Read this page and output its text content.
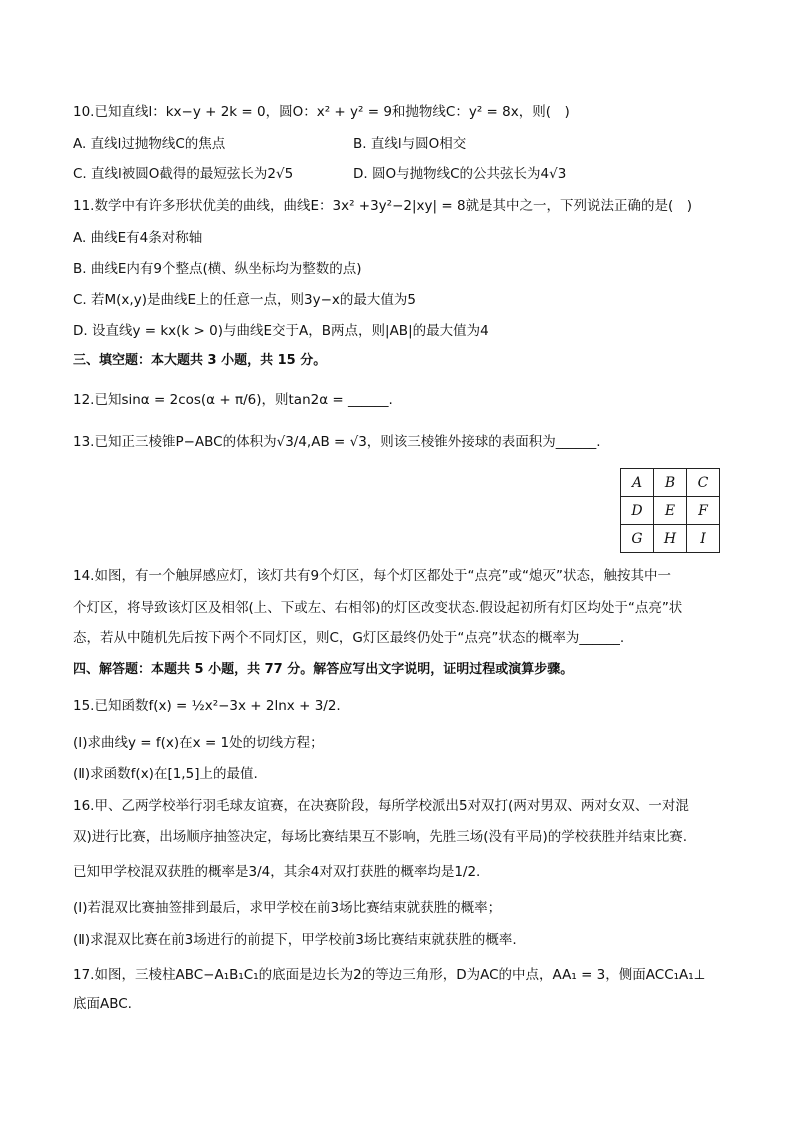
10.已知直线l：kx−y + 2k = 0，圆O：x² + y² = 9和抛物线C：y² = 8x，则(　)
A. 直线l过抛物线C的焦点	B. 直线l与圆O相交
C. 直线l被圆O截得的最短弦长为2√5	D. 圆O与抛物线C的公共弦长为4√3
11.数学中有许多形状优美的曲线，曲线E：3x² +3y²−2|xy| = 8就是其中之一，下列说法正确的是(　)
A. 曲线E有4条对称轴
B. 曲线E内有9个整点(横、纵坐标均为整数的点)
C. 若M(x,y)是曲线E上的任意一点，则3y−x的最大值为5
D. 设直线y = kx(k > 0)与曲线E交于A，B两点，则|AB|的最大值为4
三、填空题：本大题共 3 小题，共 15 分。
12.已知sinα = 2cos(α + π/6)，则tan2α = ______.
13.已知正三棱锥P−ABC的体积为√3/4,AB = √3，则该三棱锥外接球的表面积为______.
A	B	C
D	E	F
G	H	I
14.如图，有一个触屏感应灯，该灯共有9个灯区，每个灯区都处于“点亮”或“熄灭”状态，触按其中一
个灯区，将导致该灯区及相邻(上、下或左、右相邻)的灯区改变状态.假设起初所有灯区均处于“点亮”状
态，若从中随机先后按下两个不同灯区，则C，G灯区最终仍处于“点亮”状态的概率为______.
四、解答题：本题共 5 小题，共 77 分。解答应写出文字说明，证明过程或演算步骤。
15.已知函数f(x) = ½x²−3x + 2lnx + 3/2.
(Ⅰ)求曲线y = f(x)在x = 1处的切线方程；
(Ⅱ)求函数f(x)在[1,5]上的最值.
16.甲、乙两学校举行羽毛球友谊赛，在决赛阶段，每所学校派出5对双打(两对男双、两对女双、一对混
双)进行比赛，出场顺序抽签决定，每场比赛结果互不影响，先胜三场(没有平局)的学校获胜并结束比赛.
已知甲学校混双获胜的概率是3/4，其余4对双打获胜的概率均是1/2.
(Ⅰ)若混双比赛抽签排到最后，求甲学校在前3场比赛结束就获胜的概率；
(Ⅱ)求混双比赛在前3场进行的前提下，甲学校前3场比赛结束就获胜的概率.
17.如图，三棱柱ABC−A₁B₁C₁的底面是边长为2的等边三角形，D为AC的中点，AA₁ = 3，侧面ACC₁A₁⊥
底面ABC.
